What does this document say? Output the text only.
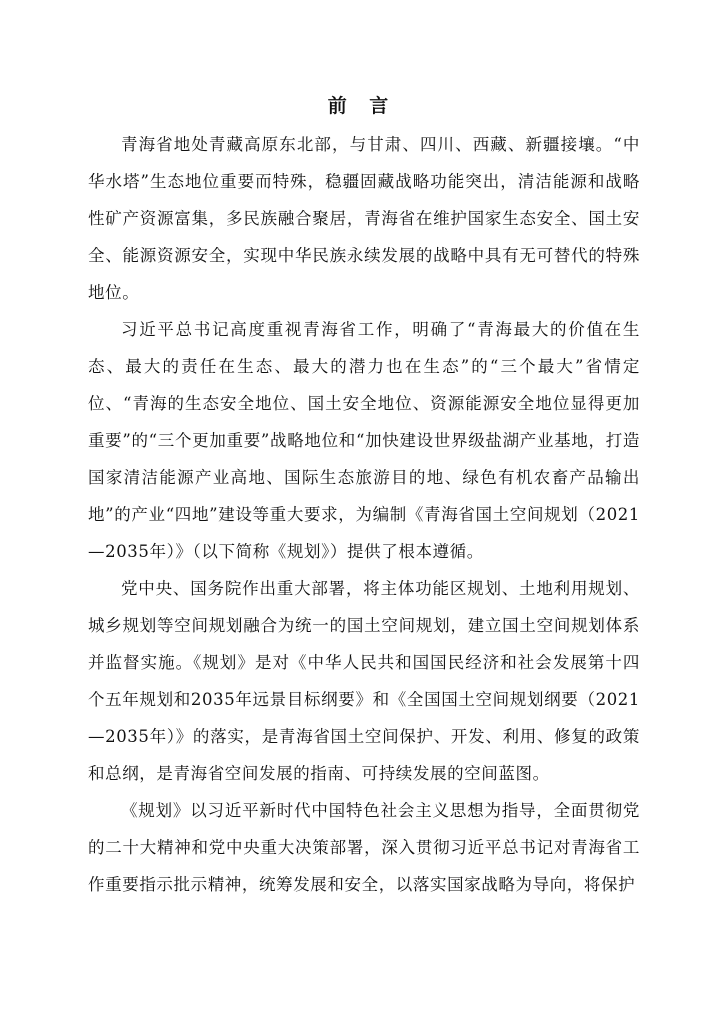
前 言

青海省地处青藏高原东北部，与甘肃、四川、西藏、新疆接壤。“中华水塔”生态地位重要而特殊，稳疆固藏战略功能突出，清洁能源和战略性矿产资源富集，多民族融合聚居，青海省在维护国家生态安全、国土安全、能源资源安全，实现中华民族永续发展的战略中具有无可替代的特殊地位。

习近平总书记高度重视青海省工作，明确了“青海最大的价值在生态、最大的责任在生态、最大的潜力也在生态”的“三个最大”省情定位、“青海的生态安全地位、国土安全地位、资源能源安全地位显得更加重要”的“三个更加重要”战略地位和“加快建设世界级盐湖产业基地，打造国家清洁能源产业高地、国际生态旅游目的地、绿色有机农畜产品输出地”的产业“四地”建设等重大要求，为编制《青海省国土空间规划（2021—2035年）》（以下简称《规划》）提供了根本遵循。

党中央、国务院作出重大部署，将主体功能区规划、土地利用规划、城乡规划等空间规划融合为统一的国土空间规划，建立国土空间规划体系并监督实施。《规划》是对《中华人民共和国国民经济和社会发展第十四个五年规划和2035年远景目标纲要》和《全国国土空间规划纲要（2021—2035年）》的落实，是青海省国土空间保护、开发、利用、修复的政策和总纲，是青海省空间发展的指南、可持续发展的空间蓝图。

《规划》以习近平新时代中国特色社会主义思想为指导，全面贯彻党的二十大精神和党中央重大决策部署，深入贯彻习近平总书记对青海省工作重要指示批示精神，统筹发展和安全，以落实国家战略为导向，将保护
